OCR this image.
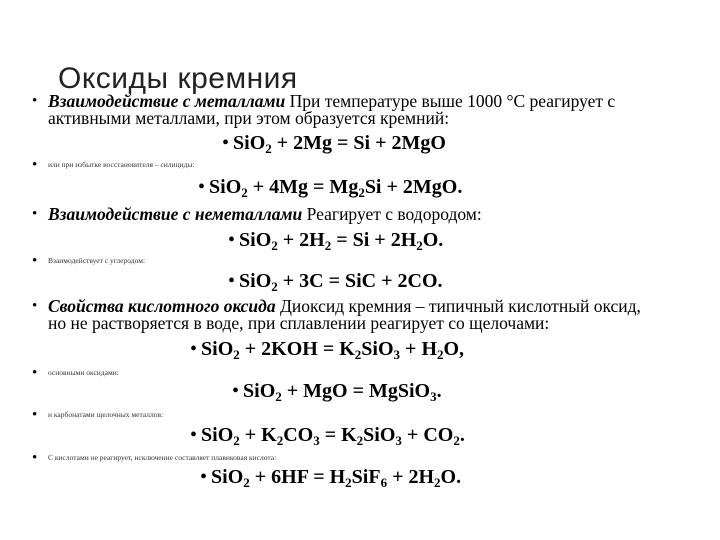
Оксиды кремния
• Взаимодействие с металлами При температуре выше 1000 °С реагирует с
активными металлами, при этом образуется кремний:
• SiO$_2$ + 2Mg = Si + 2MgO
• или при избытке восстановителя – силициды:
• $SiO_2 + 4Mg = Mg_2Si + 2MgO$.
• Взаимодействие с неметаллами Реагирует с водородом:
• $SiO_2 + 2H_2 = Si + 2H_2O$.
• Взаимодействует с углеродом:
• SiO$_2$ + 3C = SiC + 2CO.
• Свойства кислотного оксида Диоксид кремния – типичный кислотный оксид,
но не растворяется в воде, при сплавлении реагирует со щелочами:
• $SiO_2 + 2KOH = K_2SiO_3 + H_2O$,
• основными оксидами:
• SiO$_2$ + MgO = MgSiO$_3$.
• и карбонатами щелочных металлов:
• $SiO_2 + K_2CO_3 = K_2SiO_3 + CO_2$.
• С кислотами не реагирует, исключение составляет плавиковая кислота:
• $SiO_2 + 6HF = H_2SiF_6 + 2H_2O$.
